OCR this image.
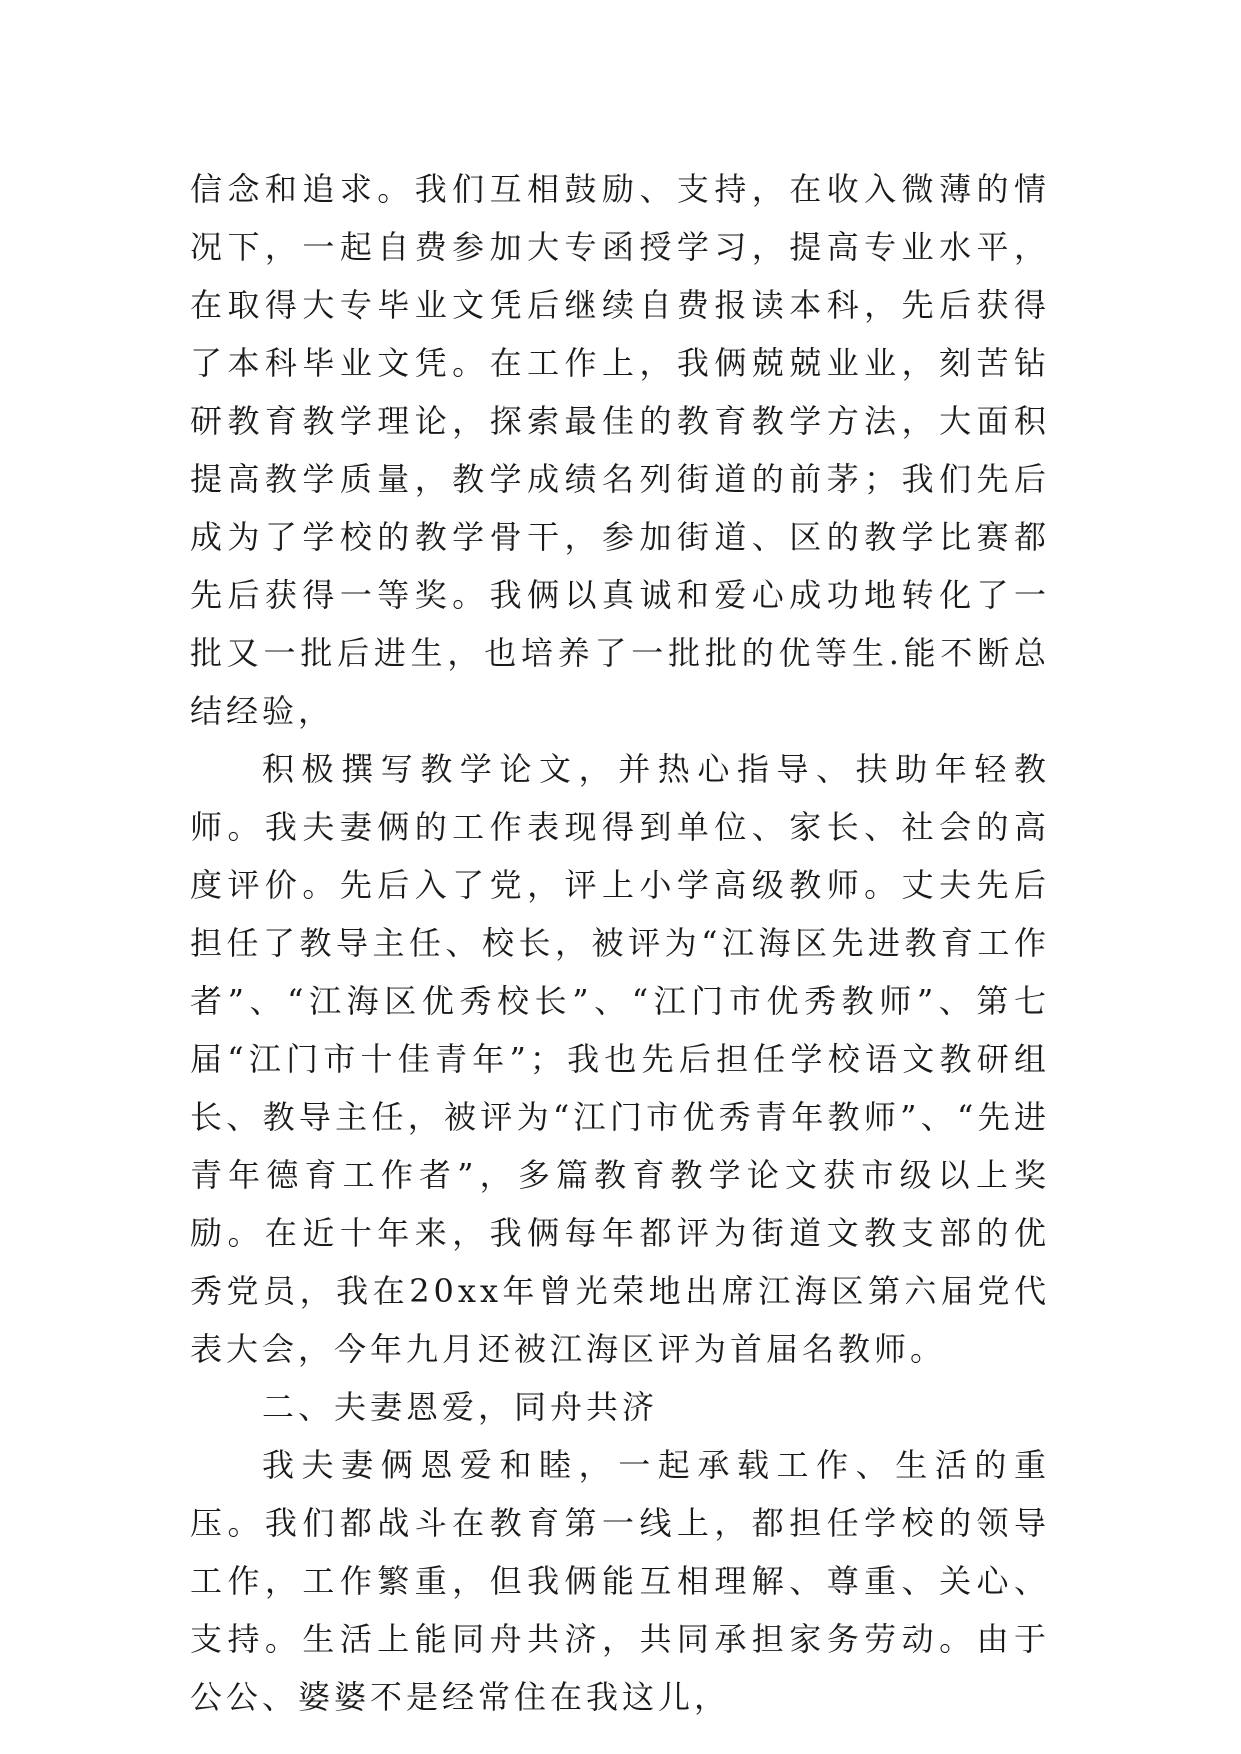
信念和追求。我们互相鼓励、支持，在收入微薄的情况下，一起自费参加大专函授学习，提高专业水平，在取得大专毕业文凭后继续自费报读本科，先后获得了本科毕业文凭。在工作上，我俩兢兢业业，刻苦钻研教育教学理论，探索最佳的教育教学方法，大面积提高教学质量，教学成绩名列街道的前茅；我们先后成为了学校的教学骨干，参加街道、区的教学比赛都先后获得一等奖。我俩以真诚和爱心成功地转化了一批又一批后进生，也培养了一批批的优等生.能不断总结经验，

积极撰写教学论文，并热心指导、扶助年轻教师。我夫妻俩的工作表现得到单位、家长、社会的高度评价。先后入了党，评上小学高级教师。丈夫先后担任了教导主任、校长，被评为“江海区先进教育工作者”、“江海区优秀校长”、“江门市优秀教师”、第七届“江门市十佳青年”；我也先后担任学校语文教研组长、教导主任，被评为“江门市优秀青年教师”、“先进青年德育工作者”，多篇教育教学论文获市级以上奖励。在近十年来，我俩每年都评为街道文教支部的优秀党员，我在20xx年曾光荣地出席江海区第六届党代表大会，今年九月还被江海区评为首届名教师。

二、夫妻恩爱，同舟共济

我夫妻俩恩爱和睦，一起承载工作、生活的重压。我们都战斗在教育第一线上，都担任学校的领导工作，工作繁重，但我俩能互相理解、尊重、关心、支持。生活上能同舟共济，共同承担家务劳动。由于公公、婆婆不是经常住在我这儿，
